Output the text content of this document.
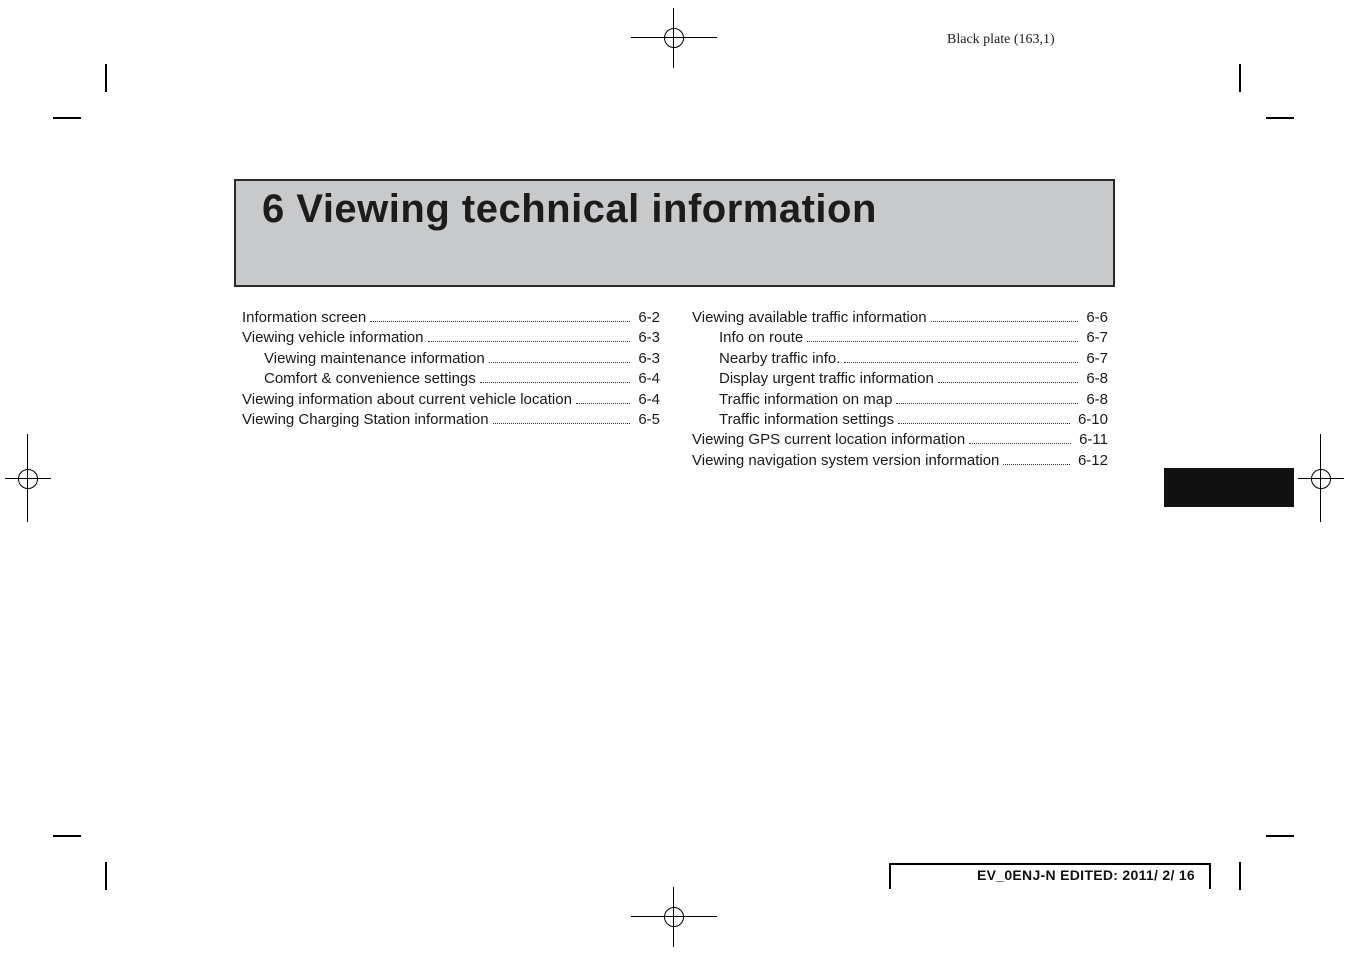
Black plate (163,1)
6 Viewing technical information
Information screen	6-2
Viewing vehicle information	6-3
Viewing maintenance information	6-3
Comfort & convenience settings	6-4
Viewing information about current vehicle location	6-4
Viewing Charging Station information	6-5
Viewing available traffic information	6-6
Info on route	6-7
Nearby traffic info.	6-7
Display urgent traffic information	6-8
Traffic information on map	6-8
Traffic information settings	6-10
Viewing GPS current location information	6-11
Viewing navigation system version information	6-12
EV_0ENJ-N EDITED: 2011/ 2/ 16
